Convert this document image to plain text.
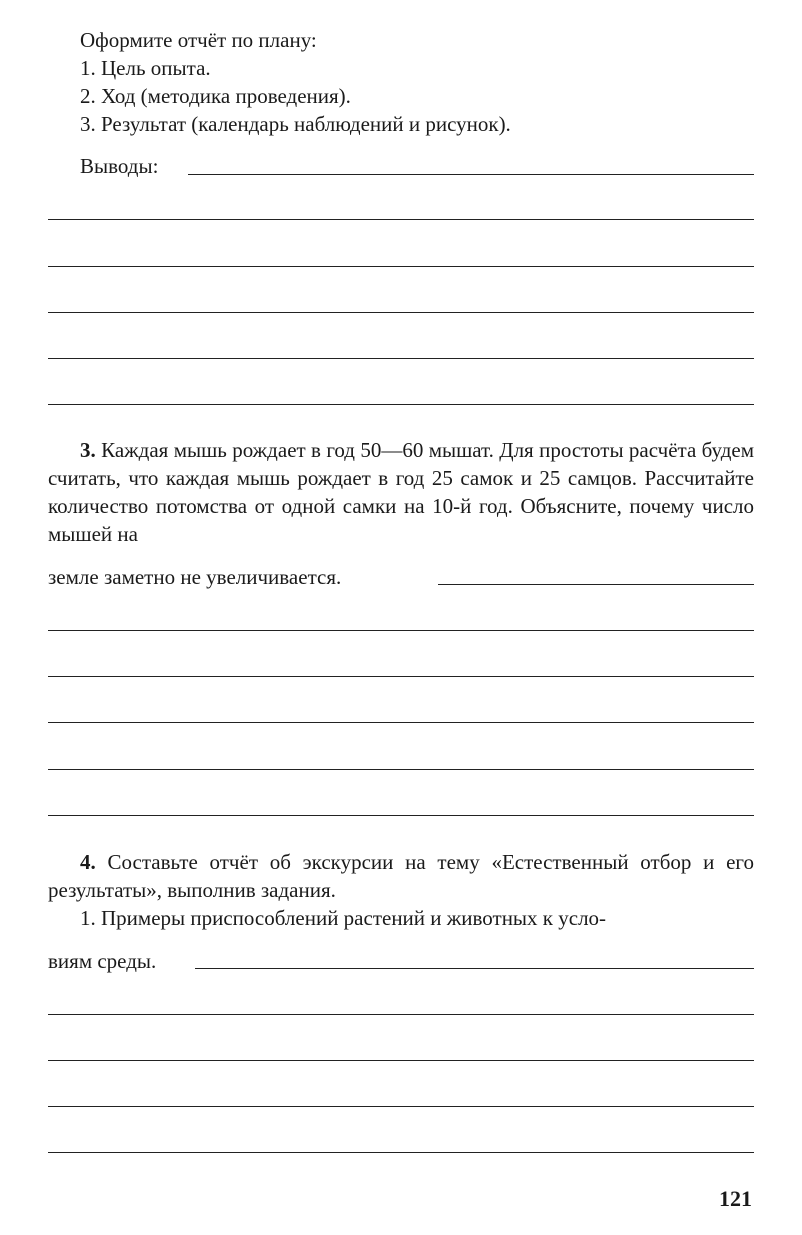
Оформите отчёт по плану:
1. Цель опыта.
2. Ход (методика проведения).
3. Результат (календарь наблюдений и рисунок).
Выводы:
3. Каждая мышь рождает в год 50—60 мышат. Для простоты расчёта будем считать, что каждая мышь рождает в год 25 самок и 25 самцов. Рассчитайте количество потомства от одной самки на 10-й год. Объясните, почему число мышей на
земле заметно не увеличивается.
4. Составьте отчёт об экскурсии на тему «Естественный отбор и его результаты», выполнив задания.
1. Примеры приспособлений растений и животных к усло-
виям среды.
121
